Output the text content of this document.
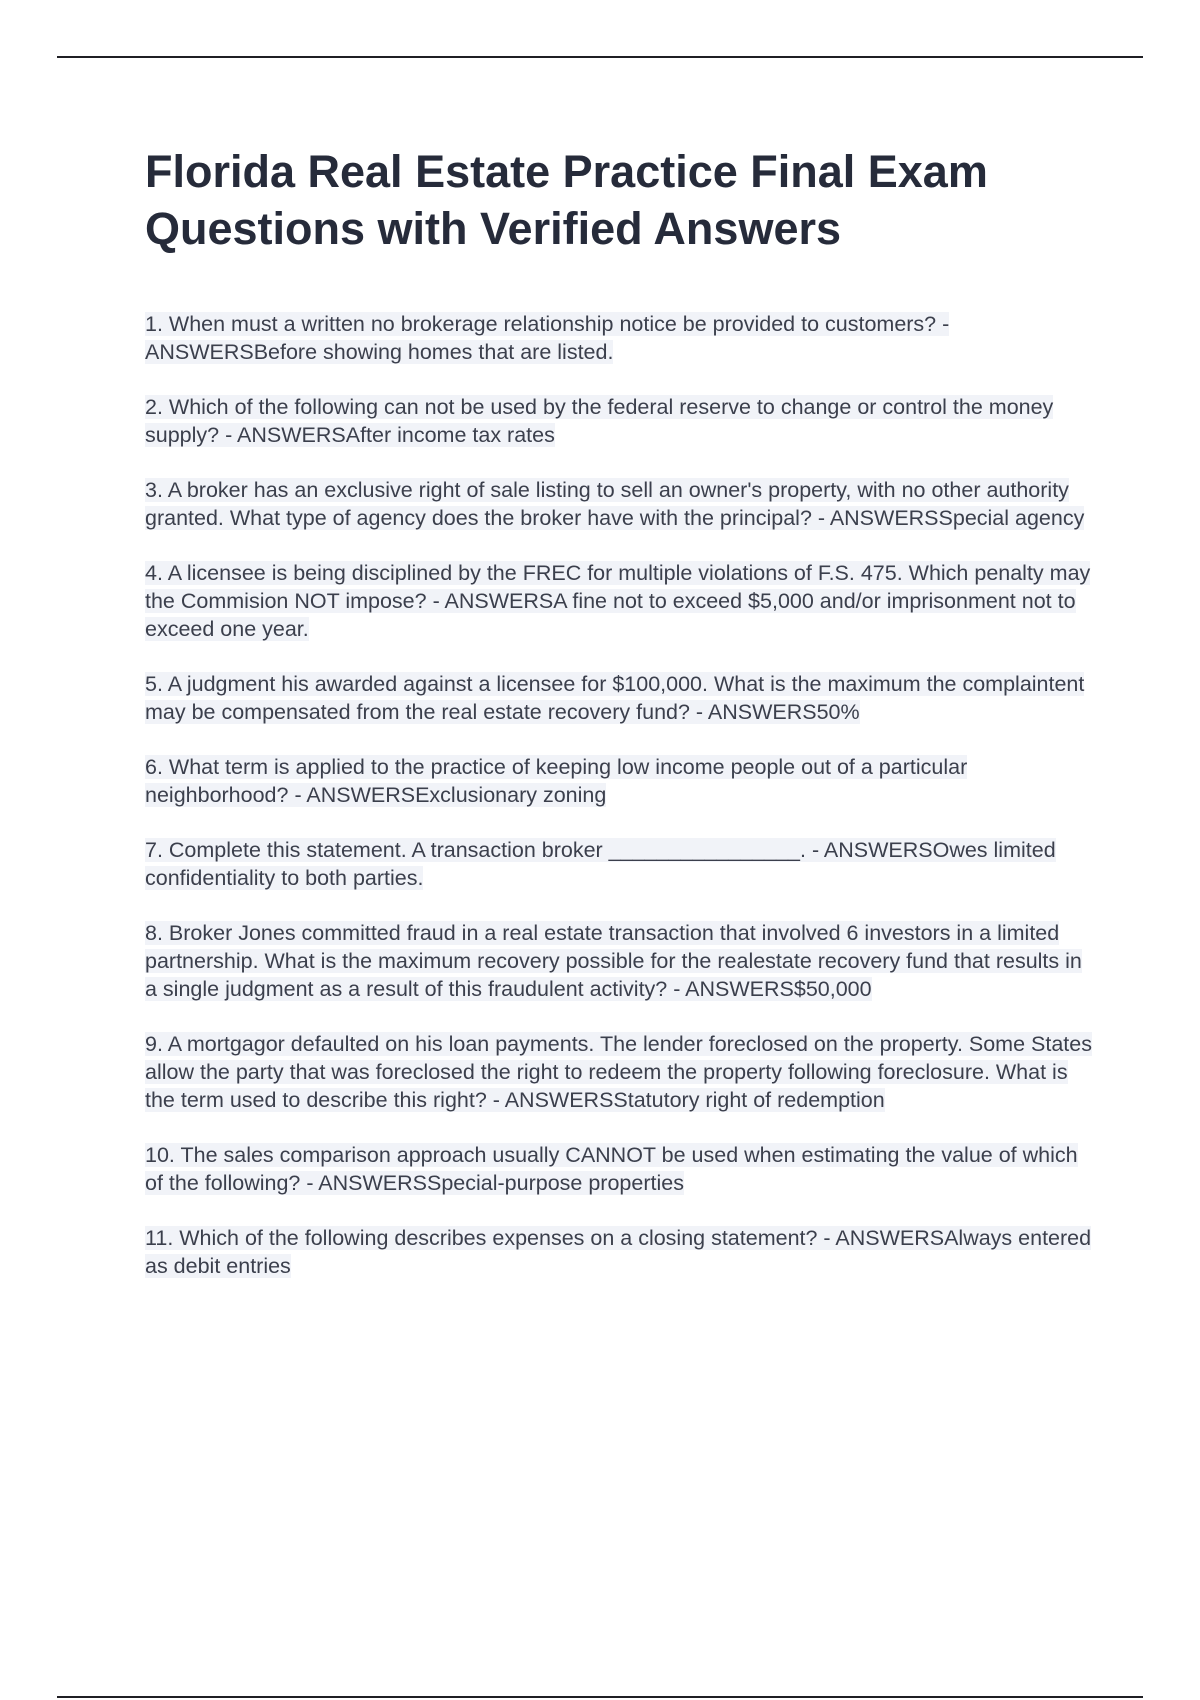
Florida Real Estate Practice Final Exam Questions with Verified Answers

1. When must a written no brokerage relationship notice be provided to customers? - ANSWERSBefore showing homes that are listed.

2. Which of the following can not be used by the federal reserve to change or control the money supply? - ANSWERSAfter income tax rates

3. A broker has an exclusive right of sale listing to sell an owner's property, with no other authority granted. What type of agency does the broker have with the principal? - ANSWERSSpecial agency

4. A licensee is being disciplined by the FREC for multiple violations of F.S. 475. Which penalty may the Commision NOT impose? - ANSWERSA fine not to exceed $5,000 and/or imprisonment not to exceed one year.

5. A judgment his awarded against a licensee for $100,000. What is the maximum the complaintent may be compensated from the real estate recovery fund? - ANSWERS50%

6. What term is applied to the practice of keeping low income people out of a particular neighborhood? - ANSWERSExclusionary zoning

7. Complete this statement. A transaction broker ________________. - ANSWERSOwes limited confidentiality to both parties.

8. Broker Jones committed fraud in a real estate transaction that involved 6 investors in a limited partnership. What is the maximum recovery possible for the realestate recovery fund that results in a single judgment as a result of this fraudulent activity? - ANSWERS$50,000

9. A mortgagor defaulted on his loan payments. The lender foreclosed on the property. Some States allow the party that was foreclosed the right to redeem the property following foreclosure. What is the term used to describe this right? - ANSWERSStatutory right of redemption

10. The sales comparison approach usually CANNOT be used when estimating the value of which of the following? - ANSWERSSpecial-purpose properties

11. Which of the following describes expenses on a closing statement? - ANSWERSAlways entered as debit entries
